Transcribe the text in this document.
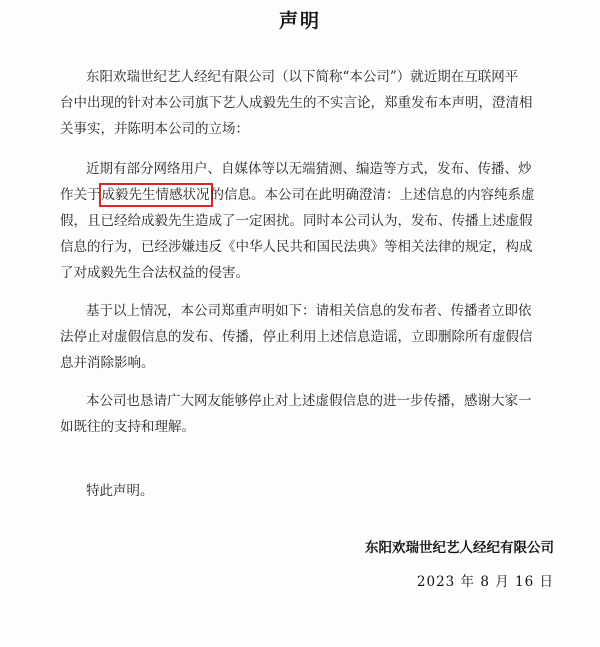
声明
东阳欢瑞世纪艺人经纪有限公司（以下简称“本公司”）就近期在互联网平
台中出现的针对本公司旗下艺人成毅先生的不实言论，郑重发布本声明，澄清相
关事实，并陈明本公司的立场：
近期有部分网络用户、自媒体等以无端猜测、编造等方式，发布、传播、炒
作关于成毅先生情感状况的信息。本公司在此明确澄清：上述信息的内容纯系虚
假，且已经给成毅先生造成了一定困扰。同时本公司认为，发布、传播上述虚假
信息的行为，已经涉嫌违反《中华人民共和国民法典》等相关法律的规定，构成
了对成毅先生合法权益的侵害。
基于以上情况，本公司郑重声明如下：请相关信息的发布者、传播者立即依
法停止对虚假信息的发布、传播，停止利用上述信息造谣，立即删除所有虚假信
息并消除影响。
本公司也恳请广大网友能够停止对上述虚假信息的进一步传播，感谢大家一
如既往的支持和理解。
特此声明。
东阳欢瑞世纪艺人经纪有限公司
2023 年 8 月 16 日
